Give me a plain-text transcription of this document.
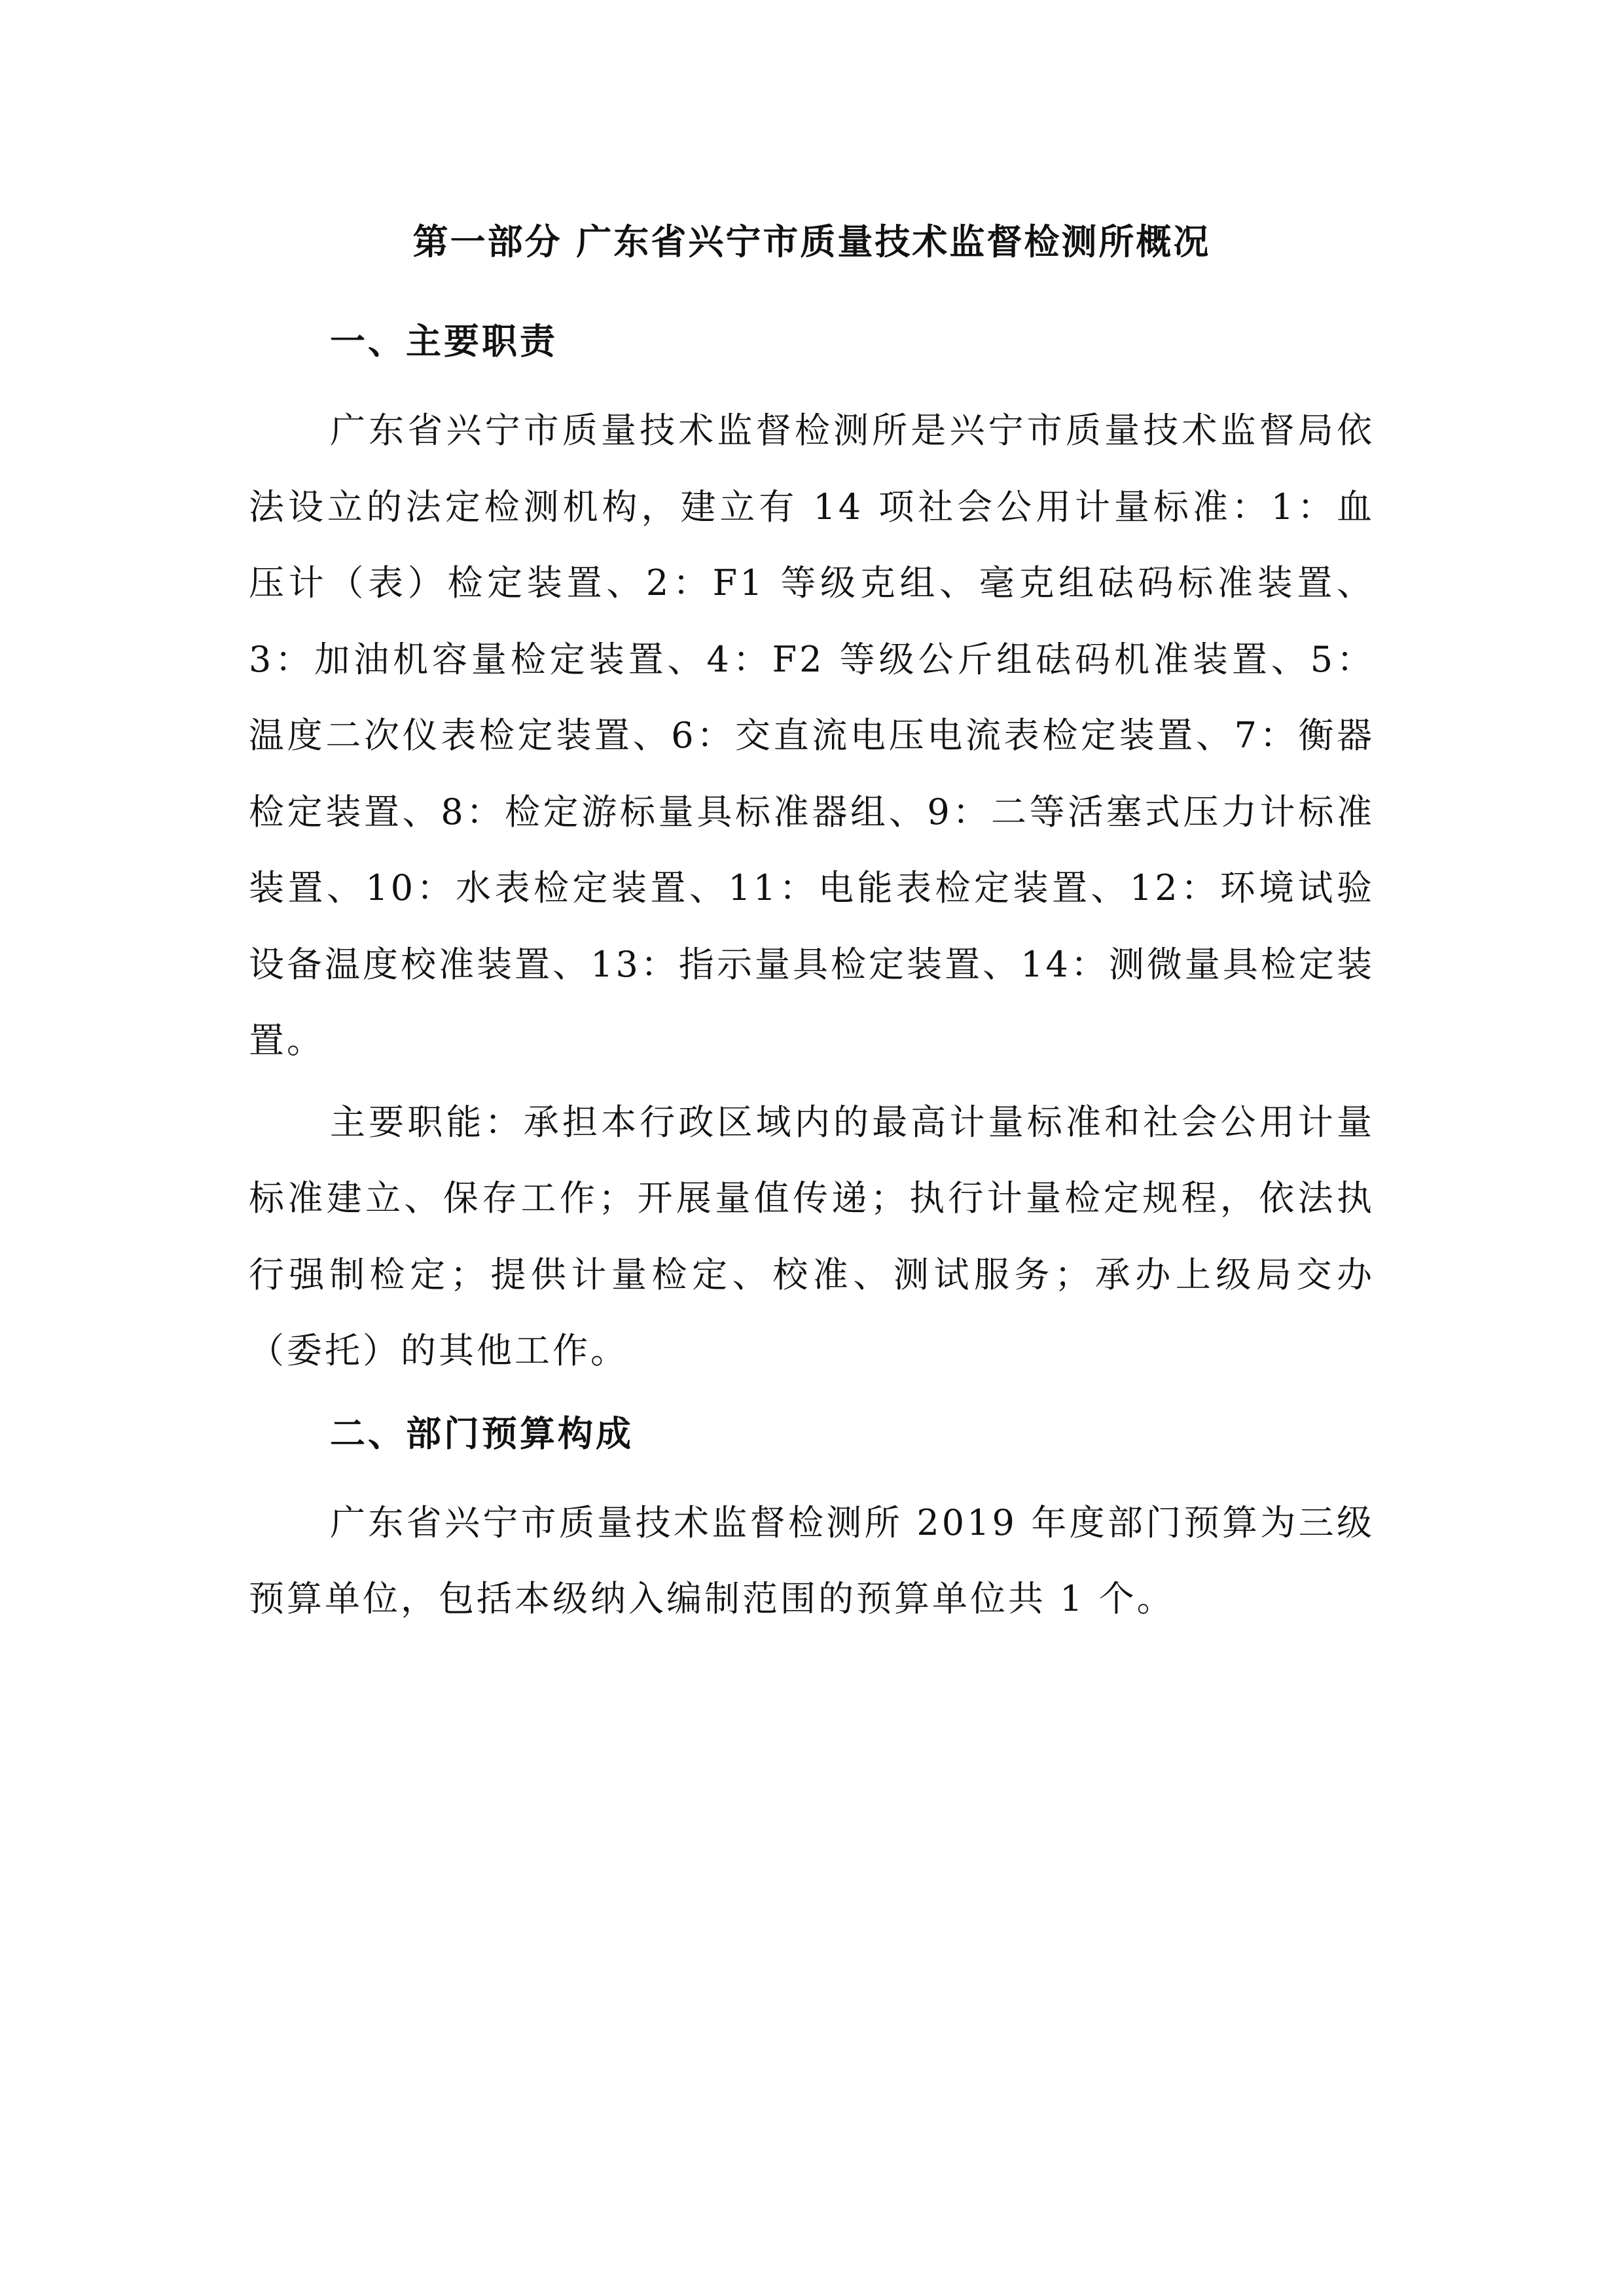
第一部分 广东省兴宁市质量技术监督检测所概况
一、主要职责

广东省兴宁市质量技术监督检测所是兴宁市质量技术监督局依法设立的法定检测机构，建立有 14 项社会公用计量标准：1：血压计（表）检定装置、2：F1 等级克组、毫克组砝码标准装置、3：加油机容量检定装置、4：F2 等级公斤组砝码机准装置、5：温度二次仪表检定装置、6：交直流电压电流表检定装置、7：衡器检定装置、8：检定游标量具标准器组、9：二等活塞式压力计标准装置、10：水表检定装置、11：电能表检定装置、12：环境试验设备温度校准装置、13：指示量具检定装置、14：测微量具检定装置。

主要职能：承担本行政区域内的最高计量标准和社会公用计量标准建立、保存工作；开展量值传递；执行计量检定规程，依法执行强制检定；提供计量检定、校准、测试服务；承办上级局交办（委托）的其他工作。

二、部门预算构成

广东省兴宁市质量技术监督检测所 2019 年度部门预算为三级预算单位，包括本级纳入编制范围的预算单位共 1 个。
